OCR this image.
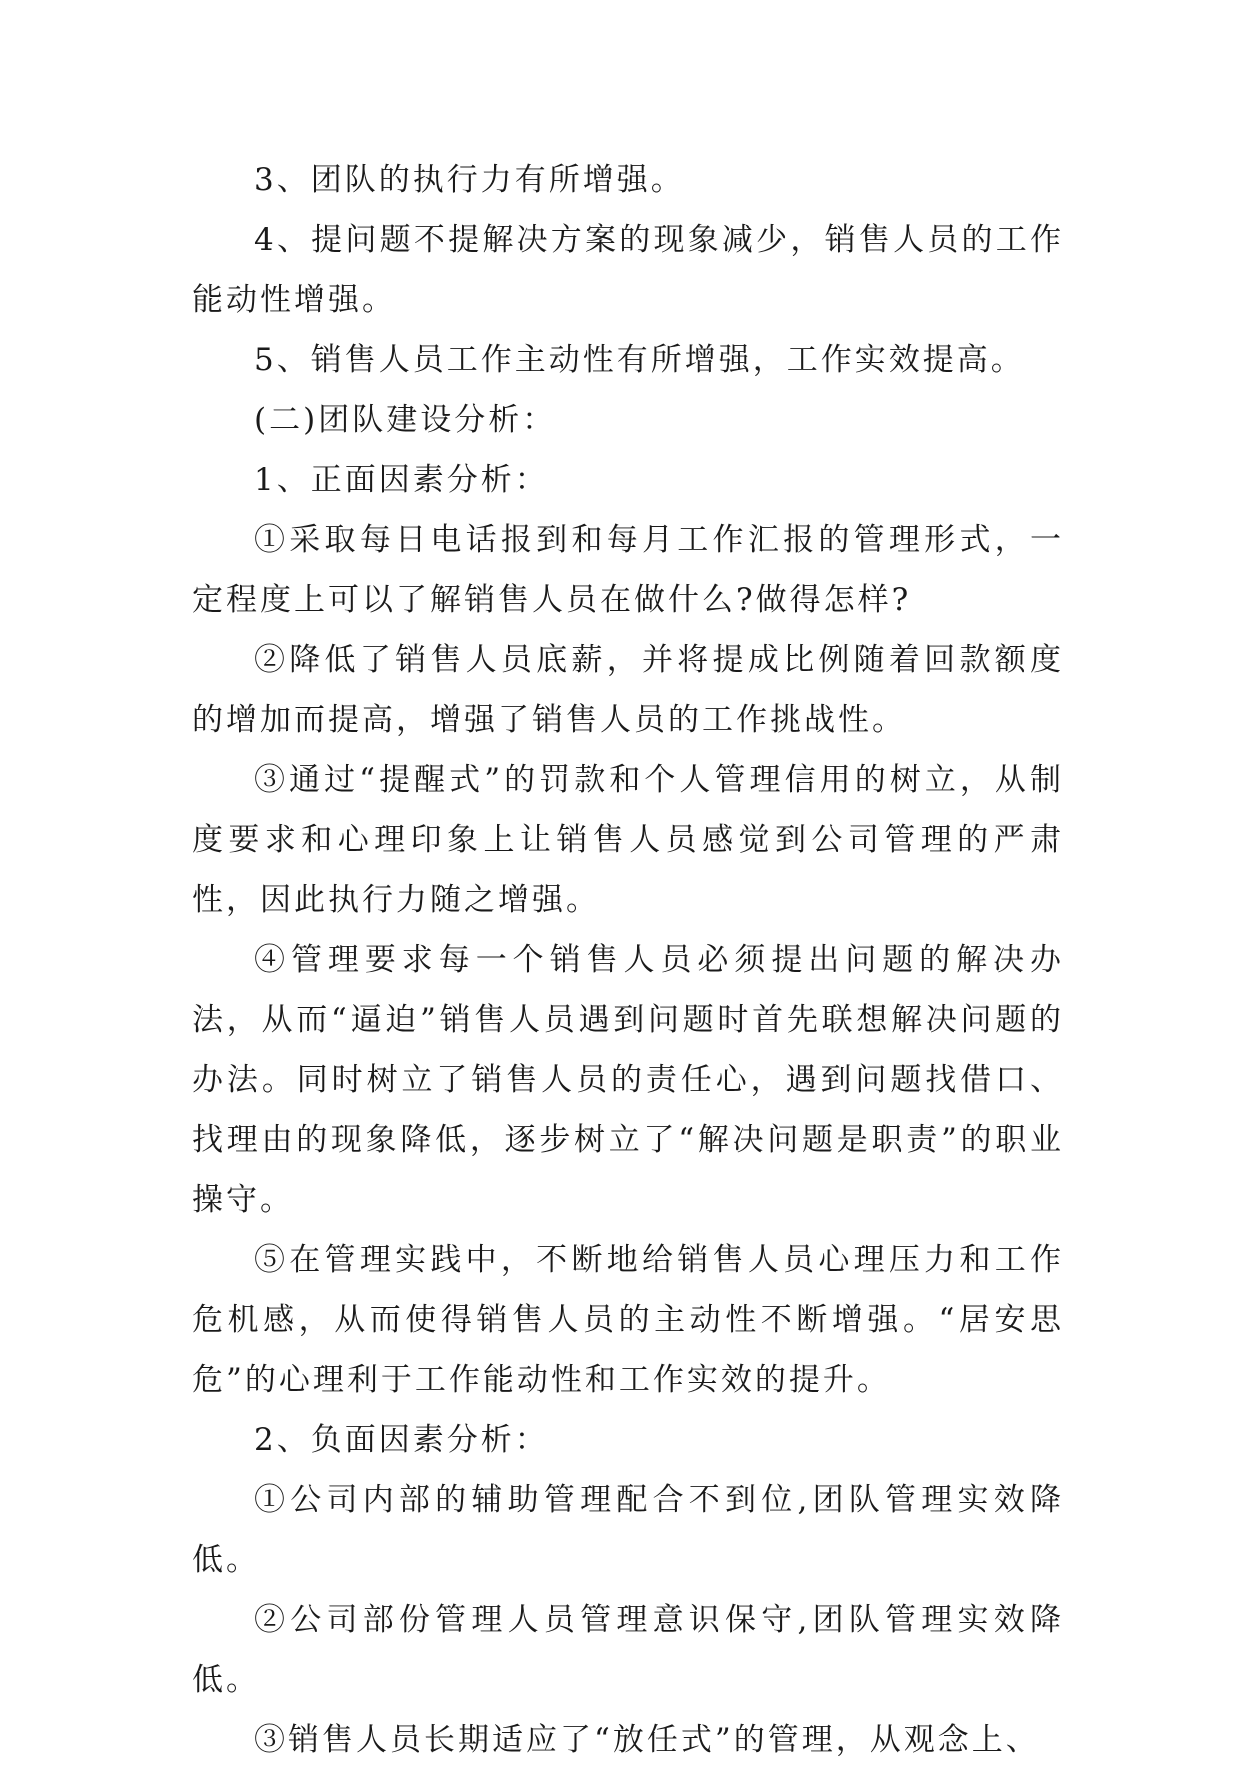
3、团队的执行力有所增强。

4、提问题不提解决方案的现象减少，销售人员的工作能动性增强。

5、销售人员工作主动性有所增强，工作实效提高。

(二)团队建设分析：

1、正面因素分析：

①采取每日电话报到和每月工作汇报的管理形式，一定程度上可以了解销售人员在做什么?做得怎样?

②降低了销售人员底薪，并将提成比例随着回款额度的增加而提高，增强了销售人员的工作挑战性。

③通过“提醒式”的罚款和个人管理信用的树立，从制度要求和心理印象上让销售人员感觉到公司管理的严肃性，因此执行力随之增强。

④管理要求每一个销售人员必须提出问题的解决办法，从而“逼迫”销售人员遇到问题时首先联想解决问题的办法。同时树立了销售人员的责任心，遇到问题找借口、找理由的现象降低，逐步树立了“解决问题是职责”的职业操守。

⑤在管理实践中，不断地给销售人员心理压力和工作危机感，从而使得销售人员的主动性不断增强。“居安思危”的心理利于工作能动性和工作实效的提升。

2、负面因素分析：

①公司内部的辅助管理配合不到位,团队管理实效降低。

②公司部份管理人员管理意识保守,团队管理实效降低。

③销售人员长期适应了“放任式”的管理，从观念上、
